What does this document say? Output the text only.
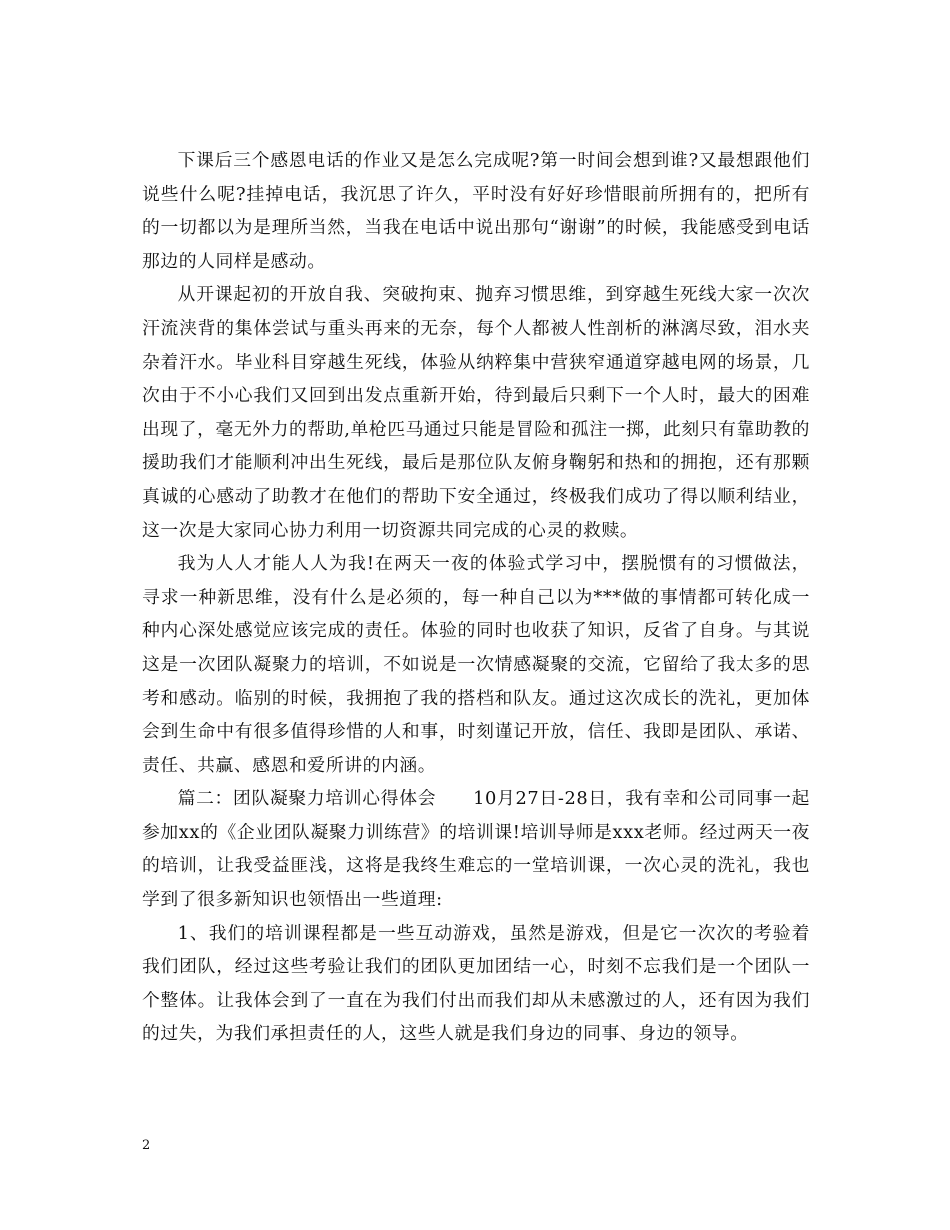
下课后三个感恩电话的作业又是怎么完成呢?第一时间会想到谁?又最想跟他们说些什么呢?挂掉电话，我沉思了许久，平时没有好好珍惜眼前所拥有的，把所有的一切都以为是理所当然，当我在电话中说出那句“谢谢”的时候，我能感受到电话那边的人同样是感动。

从开课起初的开放自我、突破拘束、抛弃习惯思维，到穿越生死线大家一次次汗流浃背的集体尝试与重头再来的无奈，每个人都被人性剖析的淋漓尽致，泪水夹杂着汗水。毕业科目穿越生死线，体验从纳粹集中营狭窄通道穿越电网的场景，几次由于不小心我们又回到出发点重新开始，待到最后只剩下一个人时，最大的困难出现了，毫无外力的帮助,单枪匹马通过只能是冒险和孤注一掷，此刻只有靠助教的援助我们才能顺利冲出生死线，最后是那位队友俯身鞠躬和热和的拥抱，还有那颗真诚的心感动了助教才在他们的帮助下安全通过，终极我们成功了得以顺利结业，这一次是大家同心协力利用一切资源共同完成的心灵的救赎。

我为人人才能人人为我!在两天一夜的体验式学习中，摆脱惯有的习惯做法，寻求一种新思维，没有什么是必须的，每一种自己以为***做的事情都可转化成一种内心深处感觉应该完成的责任。体验的同时也收获了知识，反省了自身。与其说这是一次团队凝聚力的培训，不如说是一次情感凝聚的交流，它留给了我太多的思考和感动。临别的时候，我拥抱了我的搭档和队友。通过这次成长的洗礼，更加体会到生命中有很多值得珍惜的人和事，时刻谨记开放，信任、我即是团队、承诺、责任、共赢、感恩和爱所讲的内涵。

篇二：团队凝聚力培训心得体会　　10月27日-28日，我有幸和公司同事一起参加xx的《企业团队凝聚力训练营》的培训课!培训导师是xxx老师。经过两天一夜的培训，让我受益匪浅，这将是我终生难忘的一堂培训课，一次心灵的洗礼，我也学到了很多新知识也领悟出一些道理:

1、我们的培训课程都是一些互动游戏，虽然是游戏，但是它一次次的考验着我们团队，经过这些考验让我们的团队更加团结一心，时刻不忘我们是一个团队一个整体。让我体会到了一直在为我们付出而我们却从未感激过的人，还有因为我们的过失，为我们承担责任的人，这些人就是我们身边的同事、身边的领导。

2
